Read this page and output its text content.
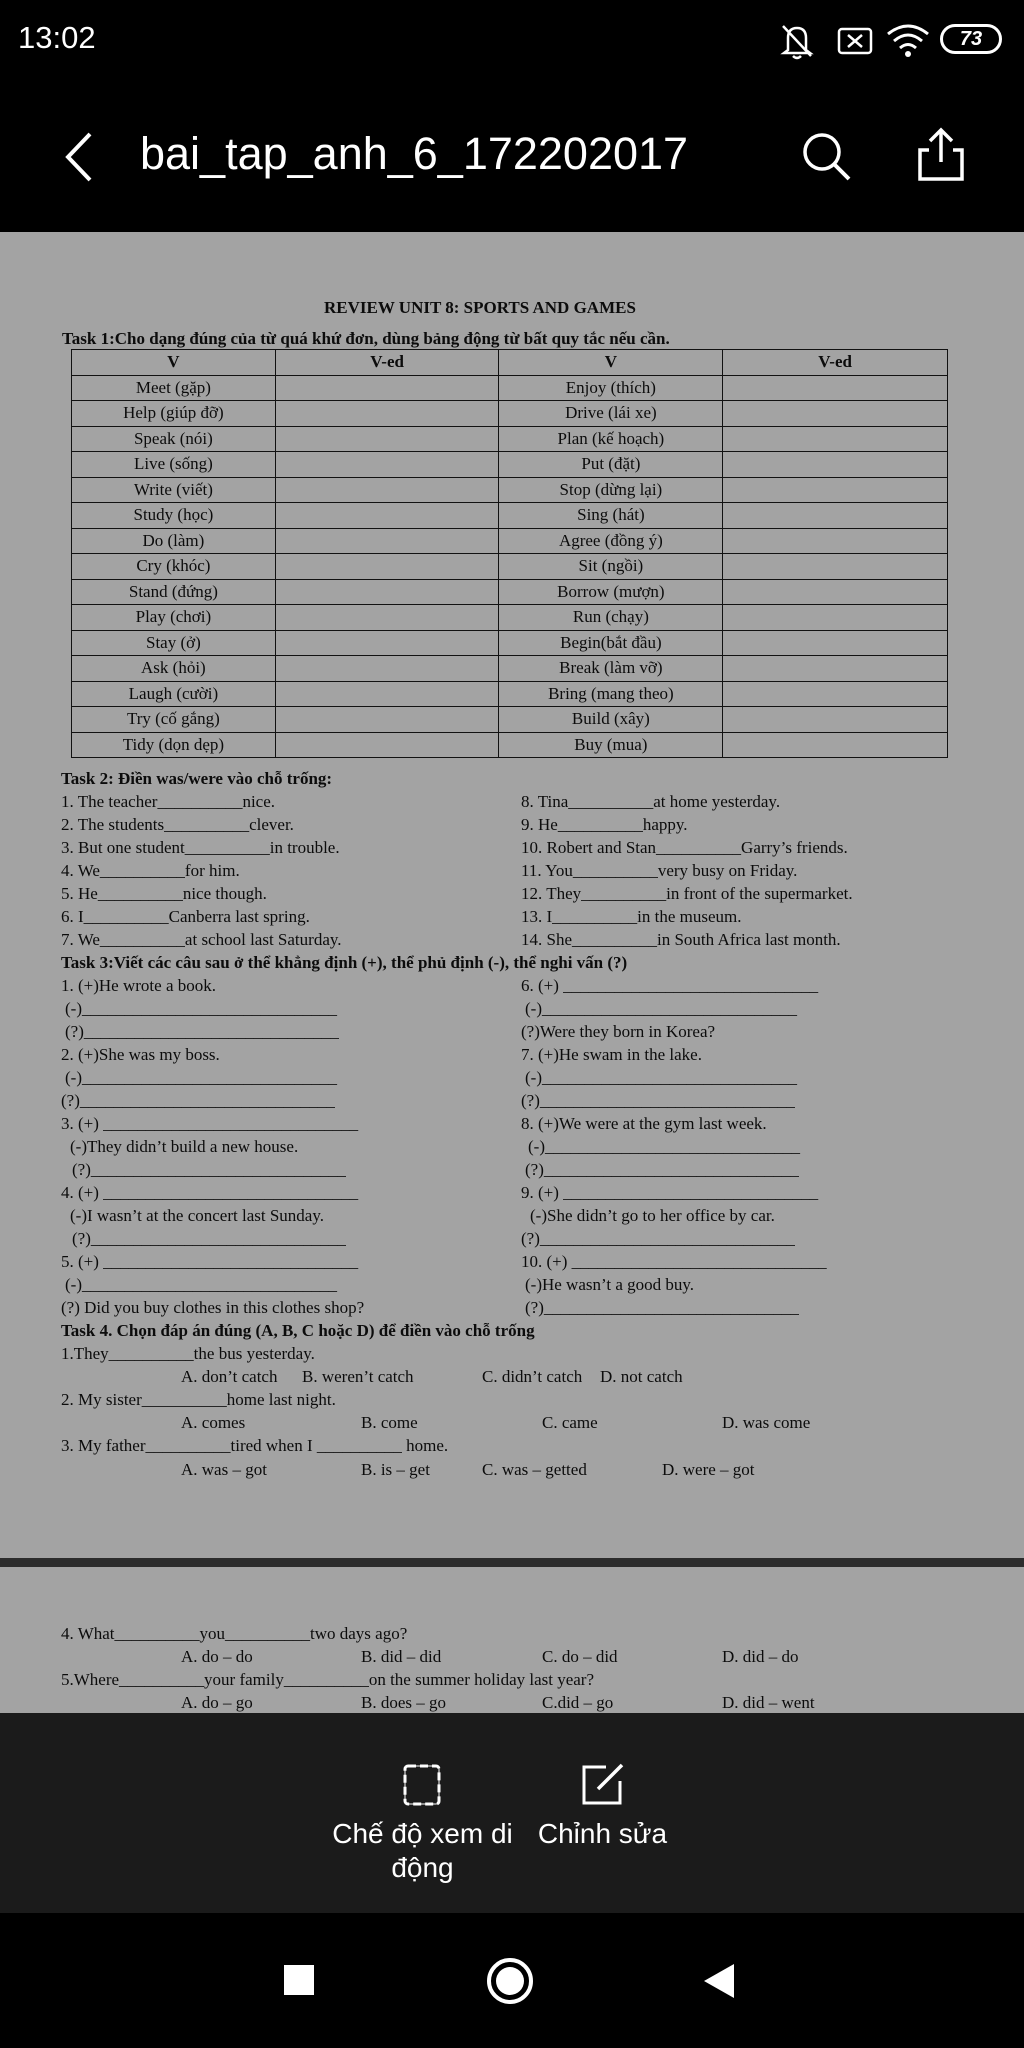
13:02	73
bai_tap_anh_6_172202017
REVIEW UNIT 8: SPORTS AND GAMES
Task 1:Cho dạng đúng của từ quá khứ đơn, dùng bảng động từ bất quy tắc nếu cần.
V	V-ed	V	V-ed
Meet (gặp)		Enjoy (thích)	
Help (giúp đỡ)		Drive (lái xe)	
Speak (nói)		Plan (kế hoạch)	
Live (sống)		Put (đặt)	
Write (viết)		Stop (dừng lại)	
Study (học)		Sing (hát)	
Do (làm)		Agree (đồng ý)	
Cry (khóc)		Sit (ngồi)	
Stand (đứng)		Borrow (mượn)	
Play (chơi)		Run (chạy)	
Stay (ở)		Begin(bắt đầu)	
Ask (hỏi)		Break (làm vỡ)	
Laugh (cười)		Bring (mang theo)	
Try (cố gắng)		Build (xây)	
Tidy (dọn dẹp)		Buy (mua)	
Task 2: Điền was/were vào chỗ trống:
1. The teacher__________nice.
2. The students__________clever.
3. But one student__________in trouble.
4. We__________for him.
5. He__________nice though.
6. I__________Canberra last spring.
7. We__________at school last Saturday.
8. Tina__________at home yesterday.
9. He__________happy.
10. Robert and Stan__________Garry’s friends.
11. You__________very busy on Friday.
12. They__________in front of the supermarket.
13. I__________in the museum.
14. She__________in South Africa last month.
Task 3:Viết các câu sau ở thể khẳng định (+), thể phủ định (-), thể nghi vấn (?)
1. (+)He wrote a book.
(-)______________________________
(?)______________________________
2. (+)She was my boss.
(-)______________________________
(?)______________________________
3. (+) ______________________________
(-)They didn’t build a new house.
(?)______________________________
4. (+) ______________________________
(-)I wasn’t at the concert last Sunday.
(?)______________________________
5. (+) ______________________________
(-)______________________________
(?) Did you buy clothes in this clothes shop?
6. (+) ______________________________
(-)______________________________
(?)Were they born in Korea?
7. (+)He swam in the lake.
(-)______________________________
(?)______________________________
8. (+)We were at the gym last week.
(-)______________________________
(?)______________________________
9. (+) ______________________________
(-)She didn’t go to her office by car.
(?)______________________________
10. (+) ______________________________
(-)He wasn’t a good buy.
(?)______________________________
Task 4. Chọn đáp án đúng (A, B, C hoặc D) để điền vào chỗ trống
1.They__________the bus yesterday.
A. don’t catch B. weren’t catch	C. didn’t catch D. not catch
2. My sister__________home last night.
A. comes	B. come	C. came	D. was come
3. My father__________tired when I __________ home.
A. was – got	B. is – get	C. was – getted	D. were – got
4. What__________you__________two days ago?
A. do – do	B. did – did	C. do – did	D. did – do
5.Where__________your family__________on the summer holiday last year?
A. do – go	B. does – go	C.did – go	D. did – went
Chế độ xem di động
Chỉnh sửa
